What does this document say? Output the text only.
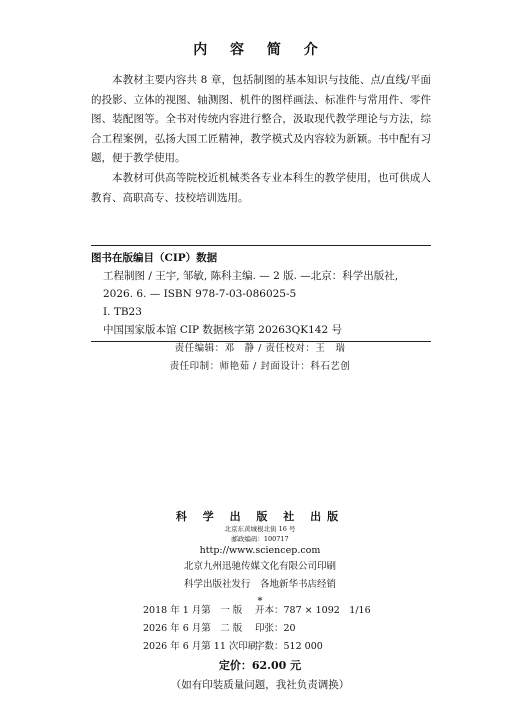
内 容 简 介

本教材主要内容共 8 章，包括制图的基本知识与技能、点/直线/平面的投影、立体的视图、轴测图、机件的图样画法、标准件与常用件、零件图、装配图等。全书对传统内容进行整合，汲取现代教学理论与方法，综合工程案例，弘扬大国工匠精神，教学模式及内容较为新颖。书中配有习题，便于教学使用。

本教材可供高等院校近机械类各专业本科生的教学使用，也可供成人教育、高职高专、技校培训选用。

图书在版编目（CIP）数据
工程制图 / 王宇, 邹敏, 陈科主编. — 2 版. —北京：科学出版社,
2026. 6. — ISBN 978-7-03-086025-5
Ⅰ. TB23
中国国家版本馆 CIP 数据核字第 20263QK142 号
责任编辑：邓　静 / 责任校对：王　瑞
责任印制：师艳茹 / 封面设计：科石艺创
科 学 出 版 社 出版
北京东黄城根北街 16 号
邮政编码：100717
http://www.sciencep.com
北京九州迅驰传媒文化有限公司印刷
科学出版社发行　各地新华书店经销
*
2018 年 1 月第　一 版	开本：787 × 1092　1/16
2026 年 6 月第　二 版	印张：20
2026 年 6 月第 11 次印刷
字数：512 000
定价：62.00 元
（如有印装质量问题，我社负责调换）
